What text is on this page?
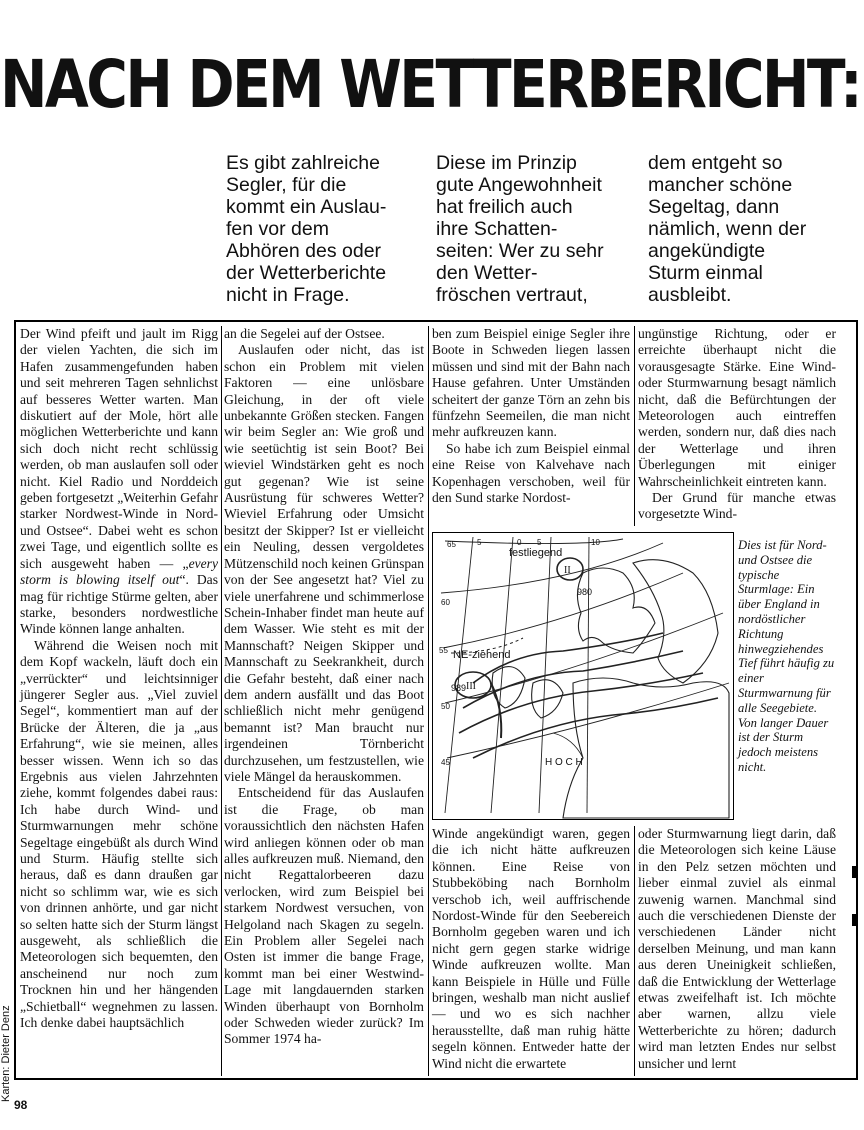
NACH DEM WETTERBERICHT:

Es gibt zahlreiche

Segler, für die

kommt ein Auslau-

fen vor dem

Abhören des oder

der Wetterberichte

nicht in Frage.

Diese im Prinzip

gute Angewohnheit

hat freilich auch

ihre Schatten-

seiten: Wer zu sehr

den Wetter-

fröschen vertraut,

dem entgeht so

mancher schöne

Segeltag, dann

nämlich, wenn der

angekündigte

Sturm einmal

ausbleibt.

Der Wind pfeift und jault im Rigg der vielen Yachten, die sich im Hafen zusammengefunden haben und seit mehreren Tagen sehnlichst auf besseres Wetter warten. Man diskutiert auf der Mole, hört alle möglichen Wetterberichte und kann sich doch nicht recht schlüssig werden, ob man auslaufen soll oder nicht. Kiel Radio und Norddeich geben fortgesetzt „Weiterhin Gefahr starker Nordwest-Winde in Nord- und Ostsee“. Dabei weht es schon zwei Tage, und eigentlich sollte es sich ausgeweht haben — „every storm is blowing itself out“. Das mag für richtige Stürme gelten, aber starke, besonders nordwestliche Winde können lange anhalten.

Während die Weisen noch mit dem Kopf wackeln, läuft doch ein „verrückter“ und leichtsinniger jüngerer Segler aus. „Viel zuviel Segel“, kommentiert man auf der Brücke der Älteren, die ja „aus Erfahrung“, wie sie meinen, alles besser wissen. Wenn ich so das Ergebnis aus vielen Jahrzehnten ziehe, kommt folgendes dabei raus: Ich habe durch Wind- und Sturmwarnungen mehr schöne Segeltage eingebüßt als durch Wind und Sturm. Häufig stellte sich heraus, daß es dann draußen gar nicht so schlimm war, wie es sich von drinnen anhörte, und gar nicht so selten hatte sich der Sturm längst ausgeweht, als schließlich die Meteorologen sich bequemten, den anscheinend nur noch zum Trocknen hin und her hängenden „Schietball“ wegnehmen zu lassen. Ich denke dabei hauptsächlich

an die Segelei auf der Ostsee.

Auslaufen oder nicht, das ist schon ein Problem mit vielen Faktoren — eine unlösbare Gleichung, in der oft viele unbekannte Größen stecken. Fangen wir beim Segler an: Wie groß und wie seetüchtig ist sein Boot? Bei wieviel Windstärken geht es noch gut gegenan? Wie ist seine Ausrüstung für schweres Wetter? Wieviel Erfahrung oder Umsicht besitzt der Skipper? Ist er vielleicht ein Neuling, dessen vergoldetes Mützenschild noch keinen Grünspan von der See angesetzt hat? Viel zu viele unerfahrene und schimmerlose Schein-Inhaber findet man heute auf dem Wasser. Wie steht es mit der Mannschaft? Neigen Skipper und Mannschaft zu Seekrankheit, durch die Gefahr besteht, daß einer nach dem andern ausfällt und das Boot schließlich nicht mehr genügend bemannt ist? Man braucht nur irgendeinen Törnbericht durchzusehen, um festzustellen, wie viele Mängel da herauskommen.

Entscheidend für das Auslaufen ist die Frage, ob man voraussichtlich den nächsten Hafen wird anliegen können oder ob man alles aufkreuzen muß. Niemand, den nicht Regattalorbeeren dazu verlocken, wird zum Beispiel bei starkem Nordwest versuchen, von Helgoland nach Skagen zu segeln. Ein Problem aller Segelei nach Osten ist immer die bange Frage, kommt man bei einer Westwind-Lage mit langdauernden starken Winden überhaupt von Bornholm oder Schweden wieder zurück? Im Sommer 1974 ha-

ben zum Beispiel einige Segler ihre Boote in Schweden liegen lassen müssen und sind mit der Bahn nach Hause gefahren. Unter Umständen scheitert der ganze Törn an zehn bis fünfzehn Seemeilen, die man nicht mehr aufkreuzen kann.

So habe ich zum Beispiel einmal eine Reise von Kalvehave nach Kopenhagen verschoben, weil für den Sund starke Nordost-

ungünstige Richtung, oder er erreichte überhaupt nicht die vorausgesagte Stärke. Eine Wind- oder Sturmwarnung besagt nämlich nicht, daß die Befürchtungen der Meteorologen auch eintreffen werden, sondern nur, daß dies nach der Wetterlage und ihren Überlegungen mit einiger Wahrscheinlichkeit eintreten kann.

Der Grund für manche etwas vorgesetzte Wind-

festliegend
NE-ziehend
H O C H
980
989
II
III
65
60
55
50
45
5	0 5	10	Dies ist für Nord- und Ostsee die typische Sturmlage: Ein über England in nordöstlicher Richtung hinwegziehendes Tief führt häufig zu einer Sturmwarnung für alle Seegebiete. Von langer Dauer ist der Sturm jedoch meistens nicht.

Winde angekündigt waren, gegen die ich nicht hätte aufkreuzen können. Eine Reise von Stubbeköbing nach Bornholm verschob ich, weil auffrischende Nordost-Winde für den Seebereich Bornholm gegeben waren und ich nicht gern gegen starke widrige Winde aufkreuzen wollte. Man kann Beispiele in Hülle und Fülle bringen, weshalb man nicht auslief — und wo es sich nachher herausstellte, daß man ruhig hätte segeln können. Entweder hatte der Wind nicht die erwartete

oder Sturmwarnung liegt darin, daß die Meteorologen sich keine Läuse in den Pelz setzen möchten und lieber einmal zuviel als einmal zuwenig warnen. Manchmal sind auch die verschiedenen Dienste der verschiedenen Länder nicht derselben Meinung, und man kann aus deren Uneinigkeit schließen, daß die Entwicklung der Wetterlage etwas zweifelhaft ist. Ich möchte aber warnen, allzu viele Wetterberichte zu hören; dadurch wird man letzten Endes nur selbst unsicher und lernt

Karten: Dieter Denz
98
